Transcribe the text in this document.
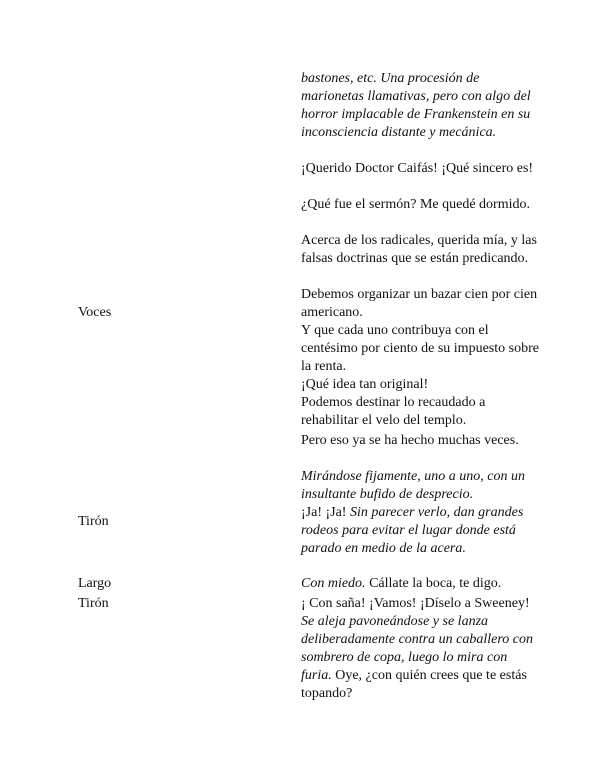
bastones, etc. Una procesión de marionetas llamativas, pero con algo del horror implacable de Frankenstein en su inconsciencia distante y mecánica.
¡Querido Doctor Caifás! ¡Qué sincero es!
¿Qué fue el sermón? Me quedé dormido.
Acerca de los radicales, querida mía, y las falsas doctrinas que se están predicando.
Voces
Debemos organizar un bazar cien por cien americano.
Y que cada uno contribuya con el centésimo por ciento de su impuesto sobre la renta.
¡Qué idea tan original!
Podemos destinar lo recaudado a rehabilitar el velo del templo.
Pero eso ya se ha hecho muchas veces.
Mirándose fijamente, uno a uno, con un insultante bufido de desprecio.
Tirón
¡Ja! ¡Ja! Sin parecer verlo, dan grandes rodeos para evitar el lugar donde está parado en medio de la acera.
Largo	Con miedo. Cállate la boca, te digo.
Tirón	¡ Con saña! ¡Vamos! ¡Díselo a Sweeney! Se aleja pavoneándose y se lanza deliberadamente contra un caballero con sombrero de copa, luego lo mira con furia. Oye, ¿con quién crees que te estás topando?
